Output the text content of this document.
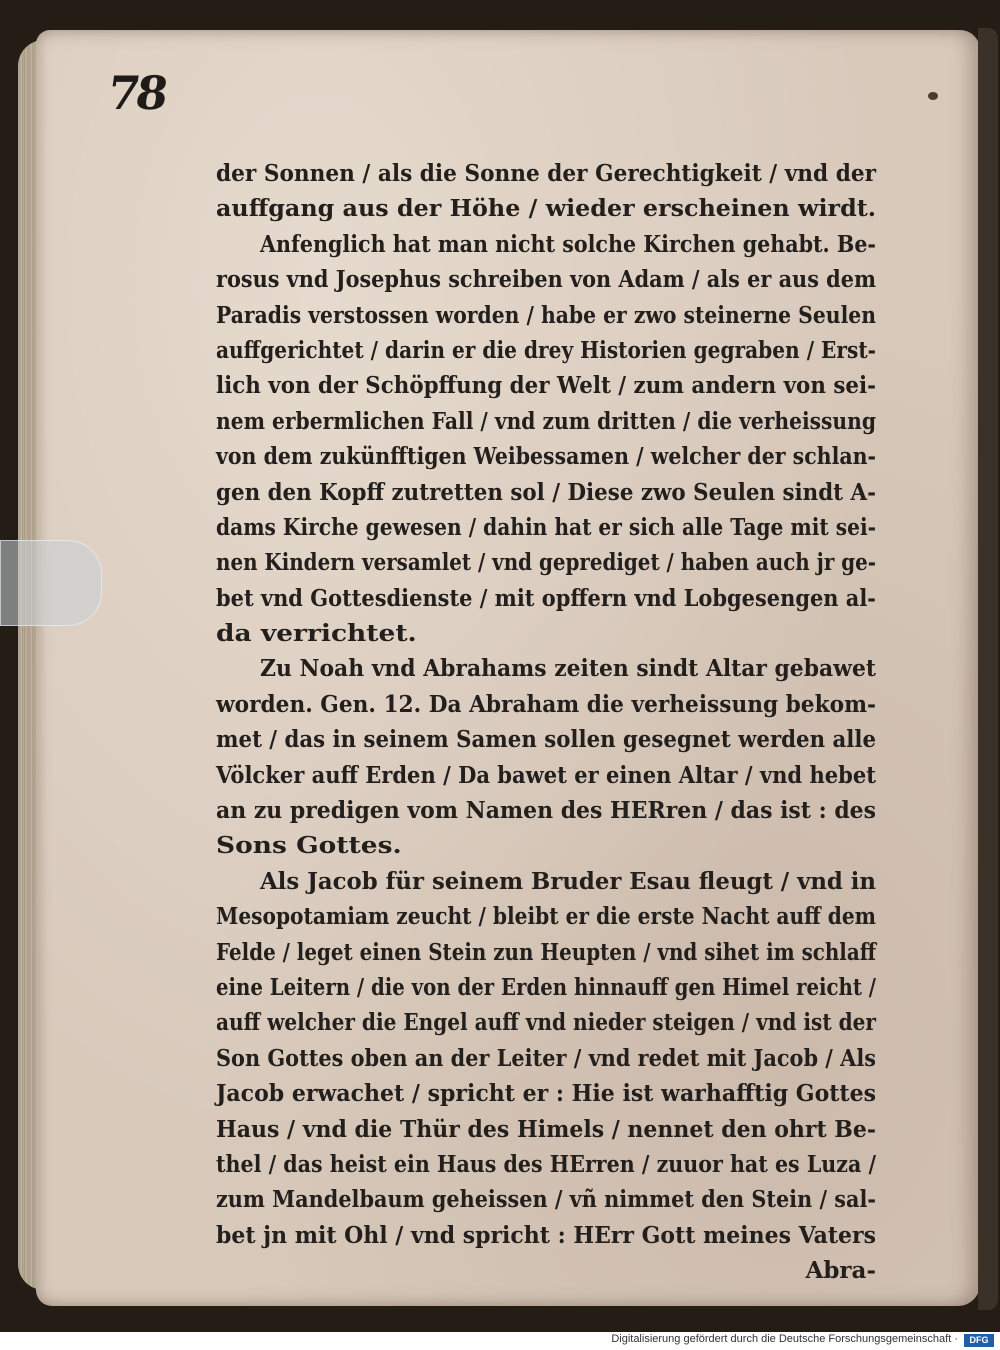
78
der Sonnen / als die Sonne der Gerechtigkeit / vnd der
auffgang aus der Höhe / wieder erscheinen wirdt.
Anfenglich hat man nicht solche Kirchen gehabt. Be-
rosus vnd Josephus schreiben von Adam / als er aus dem
Paradis verstossen worden / habe er zwo steinerne Seulen
auffgerichtet / darin er die drey Historien gegraben / Erst-
lich von der Schöpffung der Welt / zum andern von sei-
nem erbermlichen Fall / vnd zum dritten / die verheissung
von dem zukünfftigen Weibessamen / welcher der schlan-
gen den Kopff zutretten sol / Diese zwo Seulen sindt A-
dams Kirche gewesen / dahin hat er sich alle Tage mit sei-
nen Kindern versamlet / vnd geprediget / haben auch jr ge-
bet vnd Gottesdienste / mit opffern vnd Lobgesengen al-
da verrichtet.
Zu Noah vnd Abrahams zeiten sindt Altar gebawet
worden. Gen. 12. Da Abraham die verheissung bekom-
met / das in seinem Samen sollen gesegnet werden alle
Völcker auff Erden / Da bawet er einen Altar / vnd hebet
an zu predigen vom Namen des HERren / das ist : des
Sons Gottes.
Als Jacob für seinem Bruder Esau fleugt / vnd in
Mesopotamiam zeucht / bleibt er die erste Nacht auff dem
Felde / leget einen Stein zun Heupten / vnd sihet im schlaff
eine Leitern / die von der Erden hinnauff gen Himel reicht /
auff welcher die Engel auff vnd nieder steigen / vnd ist der
Son Gottes oben an der Leiter / vnd redet mit Jacob / Als
Jacob erwachet / spricht er : Hie ist warhafftig Gottes
Haus / vnd die Thür des Himels / nennet den ohrt Be-
thel / das heist ein Haus des HErren / zuuor hat es Luza /
zum Mandelbaum geheissen / vñ nimmet den Stein / sal-
bet jn mit Ohl / vnd spricht : HErr Gott meines Vaters
Abra-
Digitalisierung gefördert durch die Deutsche Forschungsgemeinschaft ·	DFG
